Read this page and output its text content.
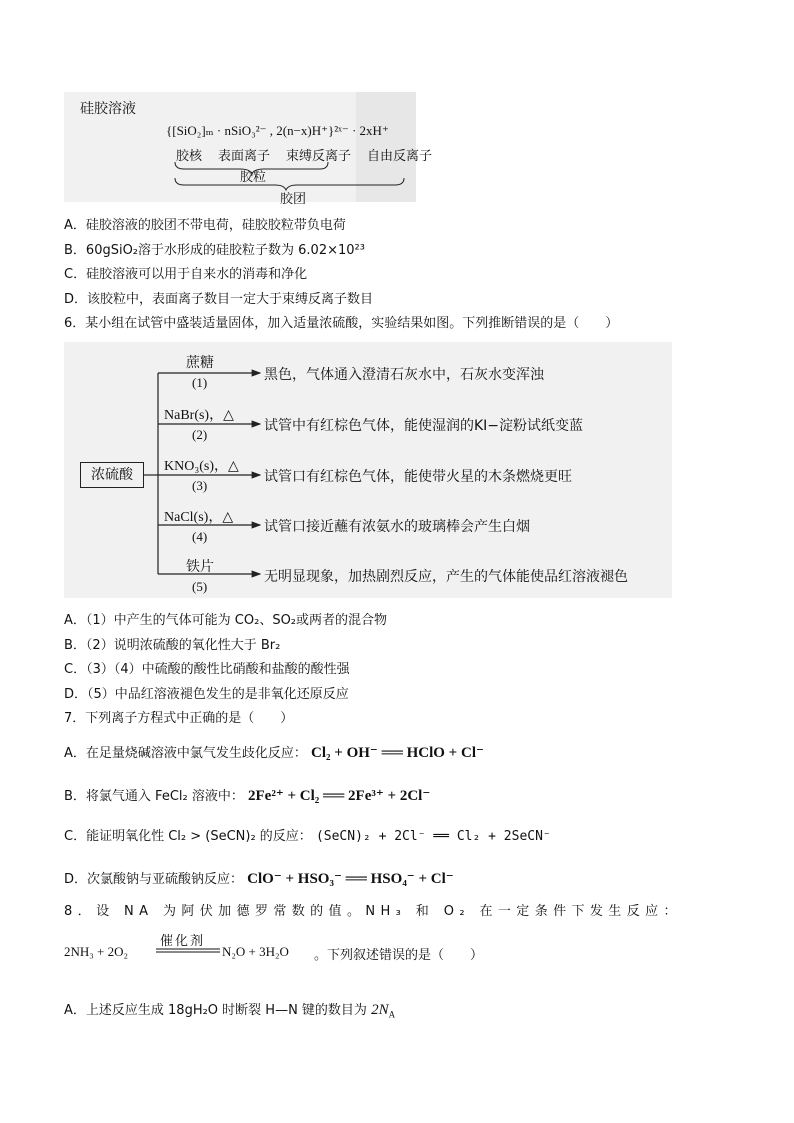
硅胶溶液
{[SiO₂]ₘ · nSiO₃²⁻ , 2(n−x)H⁺}²ˣ⁻ · 2xH⁺
胶核 表面离子 束缚反离子 自由反离子
胶粒
胶团
A．硅胶溶液的胶团不带电荷，硅胶胶粒带负电荷
B．60gSiO₂溶于水形成的硅胶粒子数为 6.02×10²³
C．硅胶溶液可以用于自来水的消毒和净化
D．该胶粒中，表面离子数目一定大于束缚反离子数目
6．某小组在试管中盛装适量固体，加入适量浓硫酸，实验结果如图。下列推断错误的是（　　）
浓硫酸
蔗糖
(1)	黑色，气体通入澄清石灰水中，石灰水变浑浊
NaBr(s)，△
(2)
试管中有红棕色气体，能使湿润的KI−淀粉试纸变蓝
KNO₃(s)，△
(3)
试管口有红棕色气体，能使带火星的木条燃烧更旺
NaCl(s)，△
(4)
试管口接近蘸有浓氨水的玻璃棒会产生白烟
铁片
(5)
无明显现象，加热剧烈反应，产生的气体能使品红溶液褪色
A．（1）中产生的气体可能为 CO₂、SO₂或两者的混合物
B．（2）说明浓硫酸的氧化性大于 Br₂
C．（3）（4）中硫酸的酸性比硝酸和盐酸的酸性强
D．（5）中品红溶液褪色发生的是非氧化还原反应
7．下列离子方程式中正确的是（　　）
A．在足量烧碱溶液中氯气发生歧化反应： Cl₂ + OH⁻ ══ HClO + Cl⁻
B．将氯气通入 FeCl₂ 溶液中： 2Fe²⁺ + Cl₂ ══ 2Fe³⁺ + 2Cl⁻
C．能证明氧化性 Cl₂ > (SeCN)₂ 的反应： (SeCN)₂ + 2Cl⁻ ══ Cl₂ + 2SeCN⁻
D．次氯酸钠与亚硫酸钠反应： ClO⁻ + HSO₃⁻ ══ HSO₄⁻ + Cl⁻
8．设 NA 为阿伏加德罗常数的值。NH₃ 和 O₂ 在一定条件下发生反应：
2NH₃ + 2O₂
催化剂
N₂O + 3H₂O 。下列叙述错误的是（　　）
A．上述反应生成 18gH₂O 时断裂 H—N 键的数目为 $2N_A$
